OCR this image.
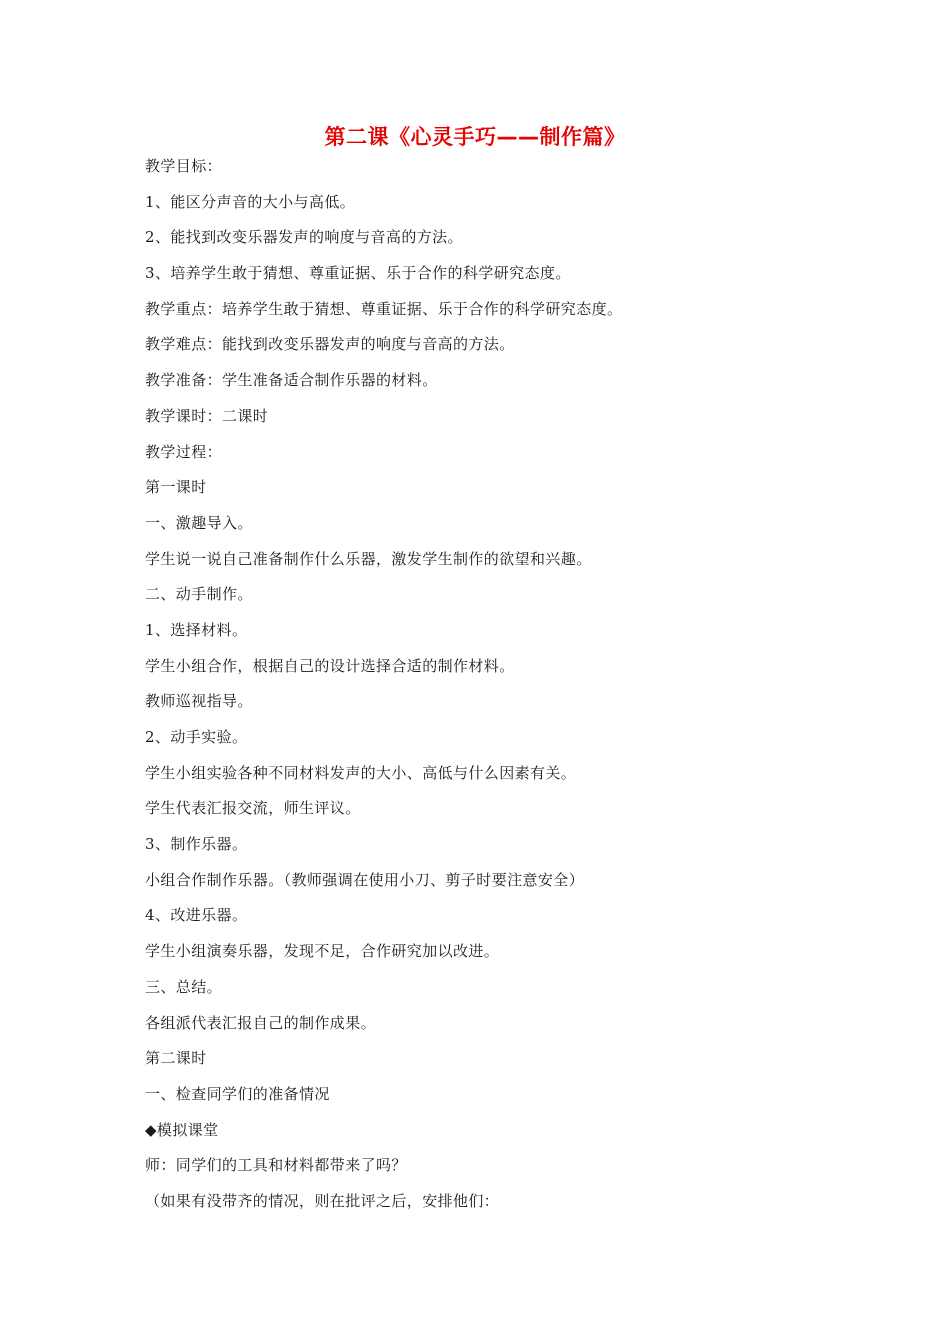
第二课《心灵手巧——制作篇》
教学目标：
1、能区分声音的大小与高低。
2、能找到改变乐器发声的响度与音高的方法。
3、培养学生敢于猜想、尊重证据、乐于合作的科学研究态度。
教学重点：培养学生敢于猜想、尊重证据、乐于合作的科学研究态度。
教学难点：能找到改变乐器发声的响度与音高的方法。
教学准备：学生准备适合制作乐器的材料。
教学课时：二课时
教学过程：
第一课时
一、激趣导入。
学生说一说自己准备制作什么乐器，激发学生制作的欲望和兴趣。
二、动手制作。
1、选择材料。
学生小组合作，根据自己的设计选择合适的制作材料。
教师巡视指导。
2、动手实验。
学生小组实验各种不同材料发声的大小、高低与什么因素有关。
学生代表汇报交流，师生评议。
3、制作乐器。
小组合作制作乐器。（教师强调在使用小刀、剪子时要注意安全）
4、改进乐器。
学生小组演奏乐器，发现不足，合作研究加以改进。
三、总结。
各组派代表汇报自己的制作成果。
第二课时
一、检查同学们的准备情况
◆模拟课堂
师：同学们的工具和材料都带来了吗？
（如果有没带齐的情况，则在批评之后，安排他们：
